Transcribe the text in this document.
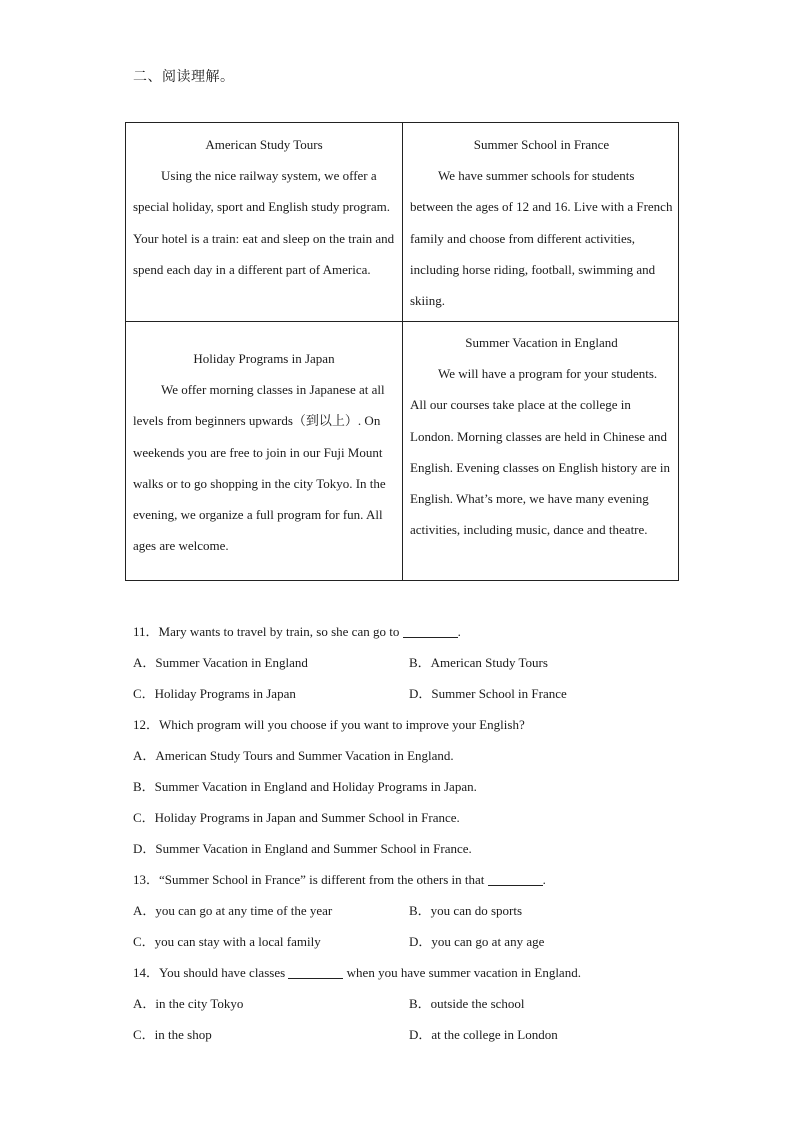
二、阅读理解。
American Study Tours
Using the nice railway system, we offer a special holiday, sport and English study program. Your hotel is a train: eat and sleep on the train and spend each day in a different part of America.
Summer School in France
We have summer schools for students between the ages of 12 and 16. Live with a French family and choose from different activities, including horse riding, football, swimming and skiing.
Holiday Programs in Japan
We offer morning classes in Japanese at all levels from beginners upwards（到以上）. On weekends you are free to join in our Fuji Mount walks or to go shopping in the city Tokyo. In the evening, we organize a full program for fun. All ages are welcome.
Summer Vacation in England
We will have a program for your students. All our courses take place at the college in London. Morning classes are held in Chinese and English. Evening classes on English history are in English. What’s more, we have many evening activities, including music, dance and theatre.
11．Mary wants to travel by train, so she can go to	.
A．Summer Vacation in England	B．American Study Tours
C．Holiday Programs in Japan	D．Summer School in France
12．Which program will you choose if you want to improve your English?
A．American Study Tours and Summer Vacation in England.
B．Summer Vacation in England and Holiday Programs in Japan.
C．Holiday Programs in Japan and Summer School in France.
D．Summer Vacation in England and Summer School in France.
13．“Summer School in France” is different from the others in that	.
A．you can go at any time of the year	B．you can do sports
C．you can stay with a local family	D．you can go at any age
14．You should have classes	when you have summer vacation in England.
A．in the city Tokyo	B．outside the school
C．in the shop	D．at the college in London
